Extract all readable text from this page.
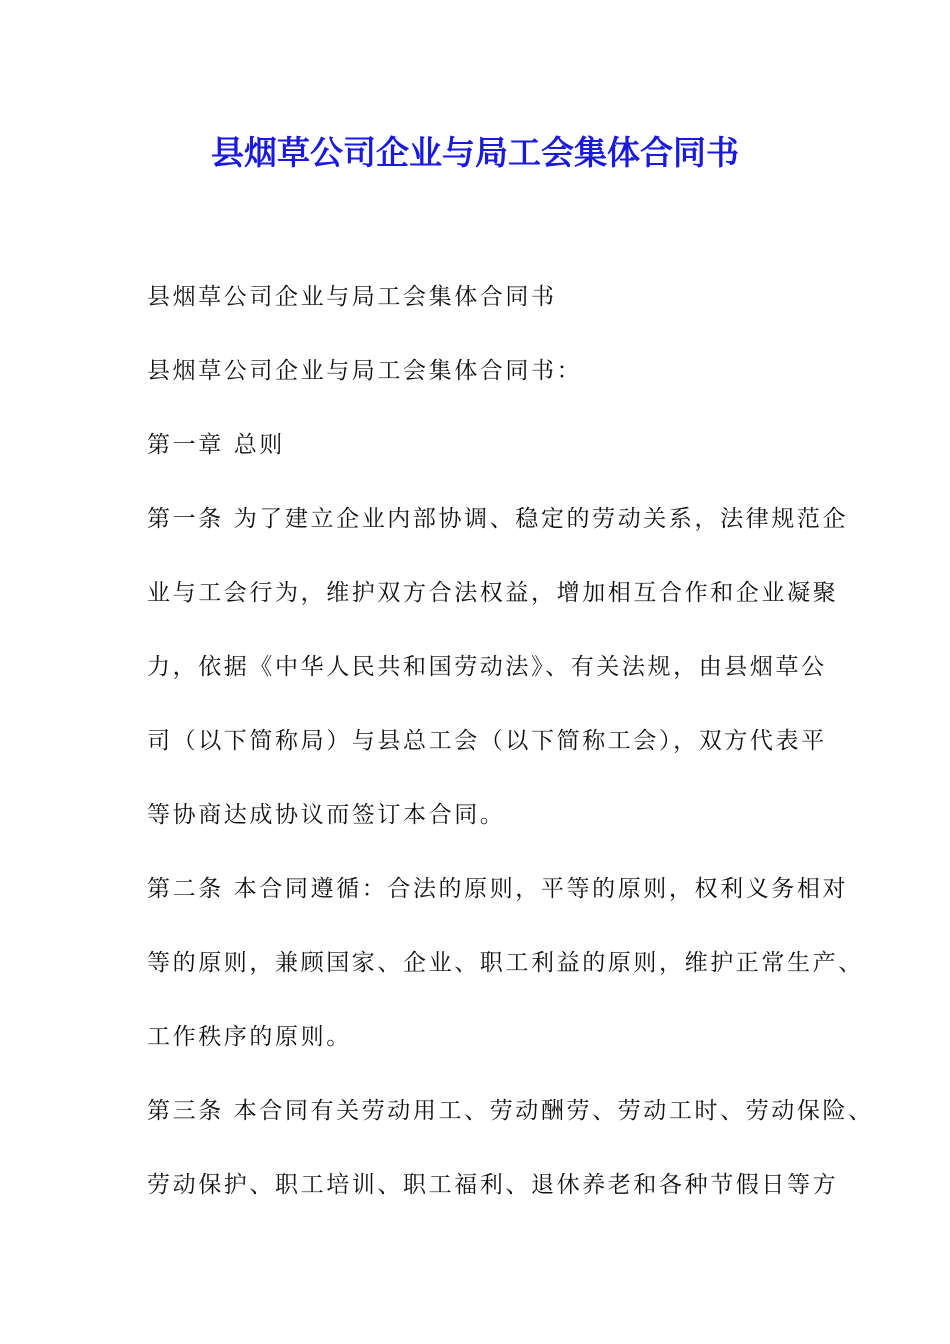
县烟草公司企业与局工会集体合同书

县烟草公司企业与局工会集体合同书

县烟草公司企业与局工会集体合同书：

第一章 总则

第一条 为了建立企业内部协调、稳定的劳动关系，法律规范企

业与工会行为，维护双方合法权益，增加相互合作和企业凝聚

力，依据《中华人民共和国劳动法》、有关法规，由县烟草公

司（以下简称局）与县总工会（以下简称工会），双方代表平

等协商达成协议而签订本合同。

第二条 本合同遵循：合法的原则，平等的原则，权利义务相对

等的原则，兼顾国家、企业、职工利益的原则，维护正常生产、

工作秩序的原则。

第三条 本合同有关劳动用工、劳动酬劳、劳动工时、劳动保险、

劳动保护、职工培训、职工福利、退休养老和各种节假日等方
